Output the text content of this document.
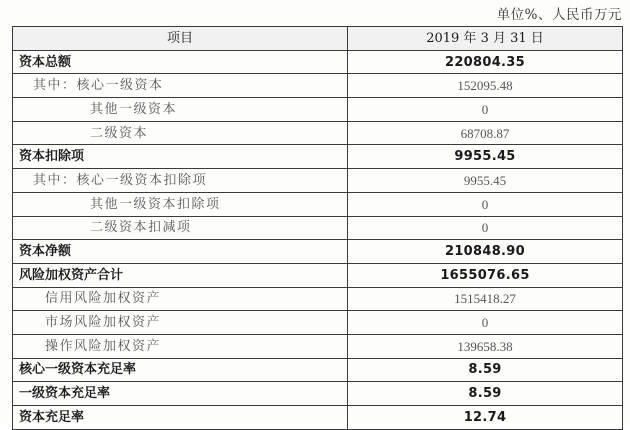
单位%、人民币万元
项目	2019 年 3 月 31 日
资本总额	220804.35
其中：核心一级资本	152095.48
其他一级资本	0
二级资本	68708.87
资本扣除项	9955.45
其中：核心一级资本扣除项	9955.45
其他一级资本扣除项	0
二级资本扣减项	0
资本净额	210848.90
风险加权资产合计	1655076.65
信用风险加权资产	1515418.27
市场风险加权资产	0
操作风险加权资产	139658.38
核心一级资本充足率	8.59
一级资本充足率	8.59
资本充足率	12.74
